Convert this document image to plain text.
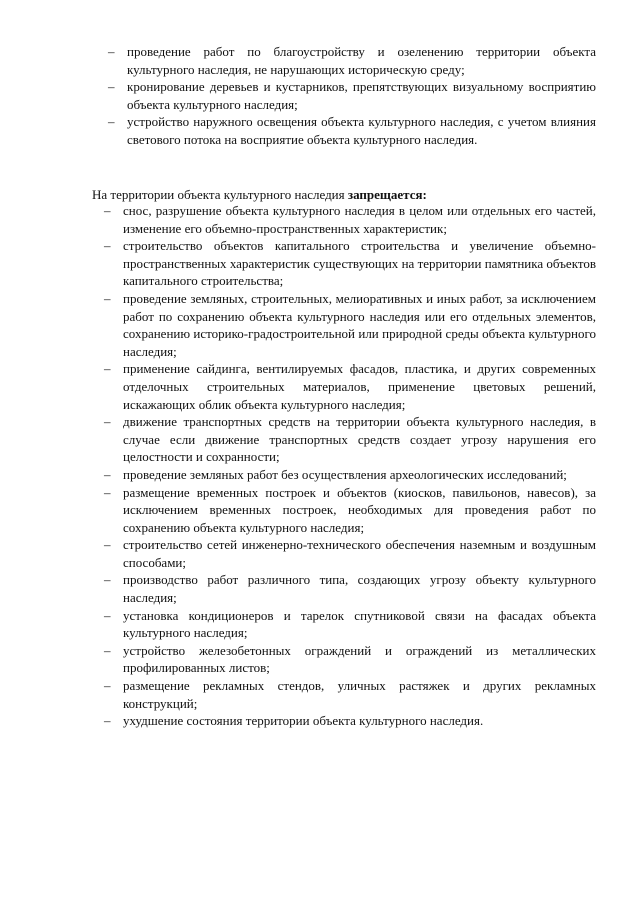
– проведение работ по благоустройству и озеленению территории объекта культурного наследия, не нарушающих историческую среду;
– кронирование деревьев и кустарников, препятствующих визуальному восприятию объекта культурного наследия;
– устройство наружного освещения объекта культурного наследия, с учетом влияния светового потока на восприятие объекта культурного наследия.

На территории объекта культурного наследия запрещается:

– снос, разрушение объекта культурного наследия в целом или отдельных его частей, изменение его объемно-пространственных характеристик;
– строительство объектов капитального строительства и увеличение объемно-пространственных характеристик существующих на территории памятника объектов капитального строительства;
– проведение земляных, строительных, мелиоративных и иных работ, за исключением работ по сохранению объекта культурного наследия или его отдельных элементов, сохранению историко-градостроительной или природной среды объекта культурного наследия;
– применение сайдинга, вентилируемых фасадов, пластика, и других современных отделочных строительных материалов, применение цветовых решений, искажающих облик объекта культурного наследия;
– движение транспортных средств на территории объекта культурного наследия, в случае если движение транспортных средств создает угрозу нарушения его целостности и сохранности;
– проведение земляных работ без осуществления археологических исследований;
– размещение временных построек и объектов (киосков, павильонов, навесов), за исключением временных построек, необходимых для проведения работ по сохранению объекта культурного наследия;
– строительство сетей инженерно-технического обеспечения наземным и воздушным способами;
– производство работ различного типа, создающих угрозу объекту культурного наследия;
– установка кондиционеров и тарелок спутниковой связи на фасадах объекта культурного наследия;
– устройство железобетонных ограждений и ограждений из металлических профилированных листов;
– размещение рекламных стендов, уличных растяжек и других рекламных конструкций;
– ухудшение состояния территории объекта культурного наследия.
